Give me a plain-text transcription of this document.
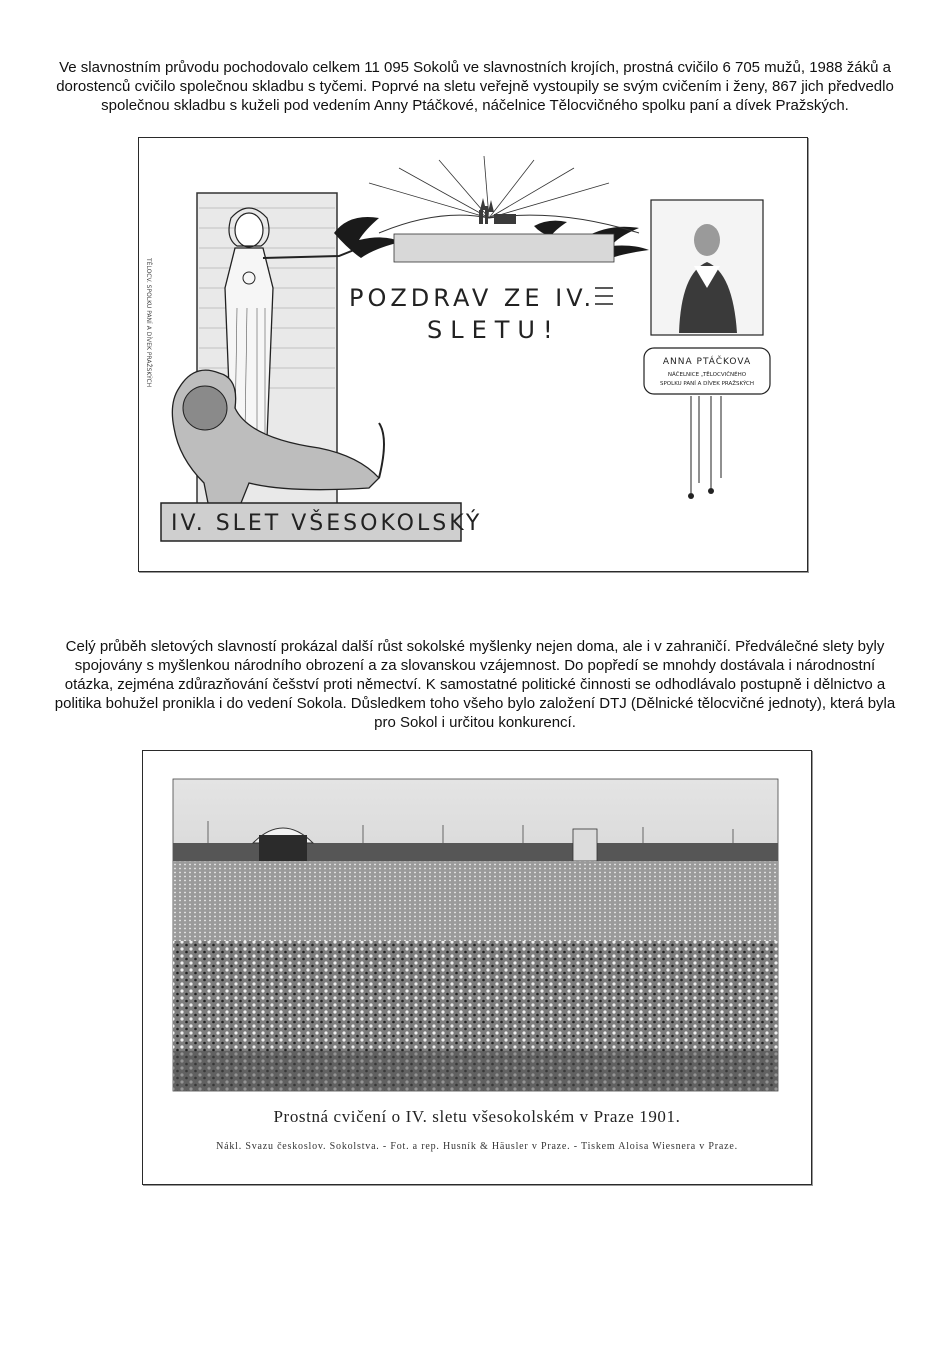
Ve slavnostním průvodu pochodovalo celkem 11 095 Sokolů ve slavnostních krojích, prostná cvičilo 6 705 mužů, 1988 žáků a dorostenců cvičilo společnou skladbu s tyčemi. Poprvé na sletu veřejně vystoupily se svým cvičením i ženy, 867 jich předvedlo společnou skladbu s kuželi pod vedením Anny Ptáčkové, náčelnice Tělocvičného spolku paní a dívek Pražských.
TĚLOCV. SPOLKU PANÍ A DÍVEK PRAŽSKÝCH	POZDRAV ZE IV.
SLETU!
IV. SLET VŠESOKOLSKÝ
ANNA PTÁČKOVA
NÁČELNICE „TĚLOCVIČNÉHO
SPOLKU PANÍ A DÍVEK PRAŽSKÝCH
Celý průběh sletových slavností prokázal další růst sokolské myšlenky nejen doma, ale i v zahraničí. Předválečné slety byly spojovány s myšlenkou národního obrození a za slovanskou vzájemnost. Do popředí se mnohdy dostávala i národnostní otázka, zejména zdůrazňování češství proti němectví. K samostatné politické činnosti se odhodlávalo postupně i dělnictvo a politika bohužel pronikla i do vedení Sokola. Důsledkem toho všeho bylo založení DTJ (Dělnické tělocvičné jednoty), která byla pro Sokol i určitou konkurencí.
Prostná cvičení o IV. sletu všesokolském v Praze 1901.
Nákl. Svazu českoslov. Sokolstva. - Fot. a rep. Husník & Häusler v Praze. - Tiskem Aloisa Wiesnera v Praze.
